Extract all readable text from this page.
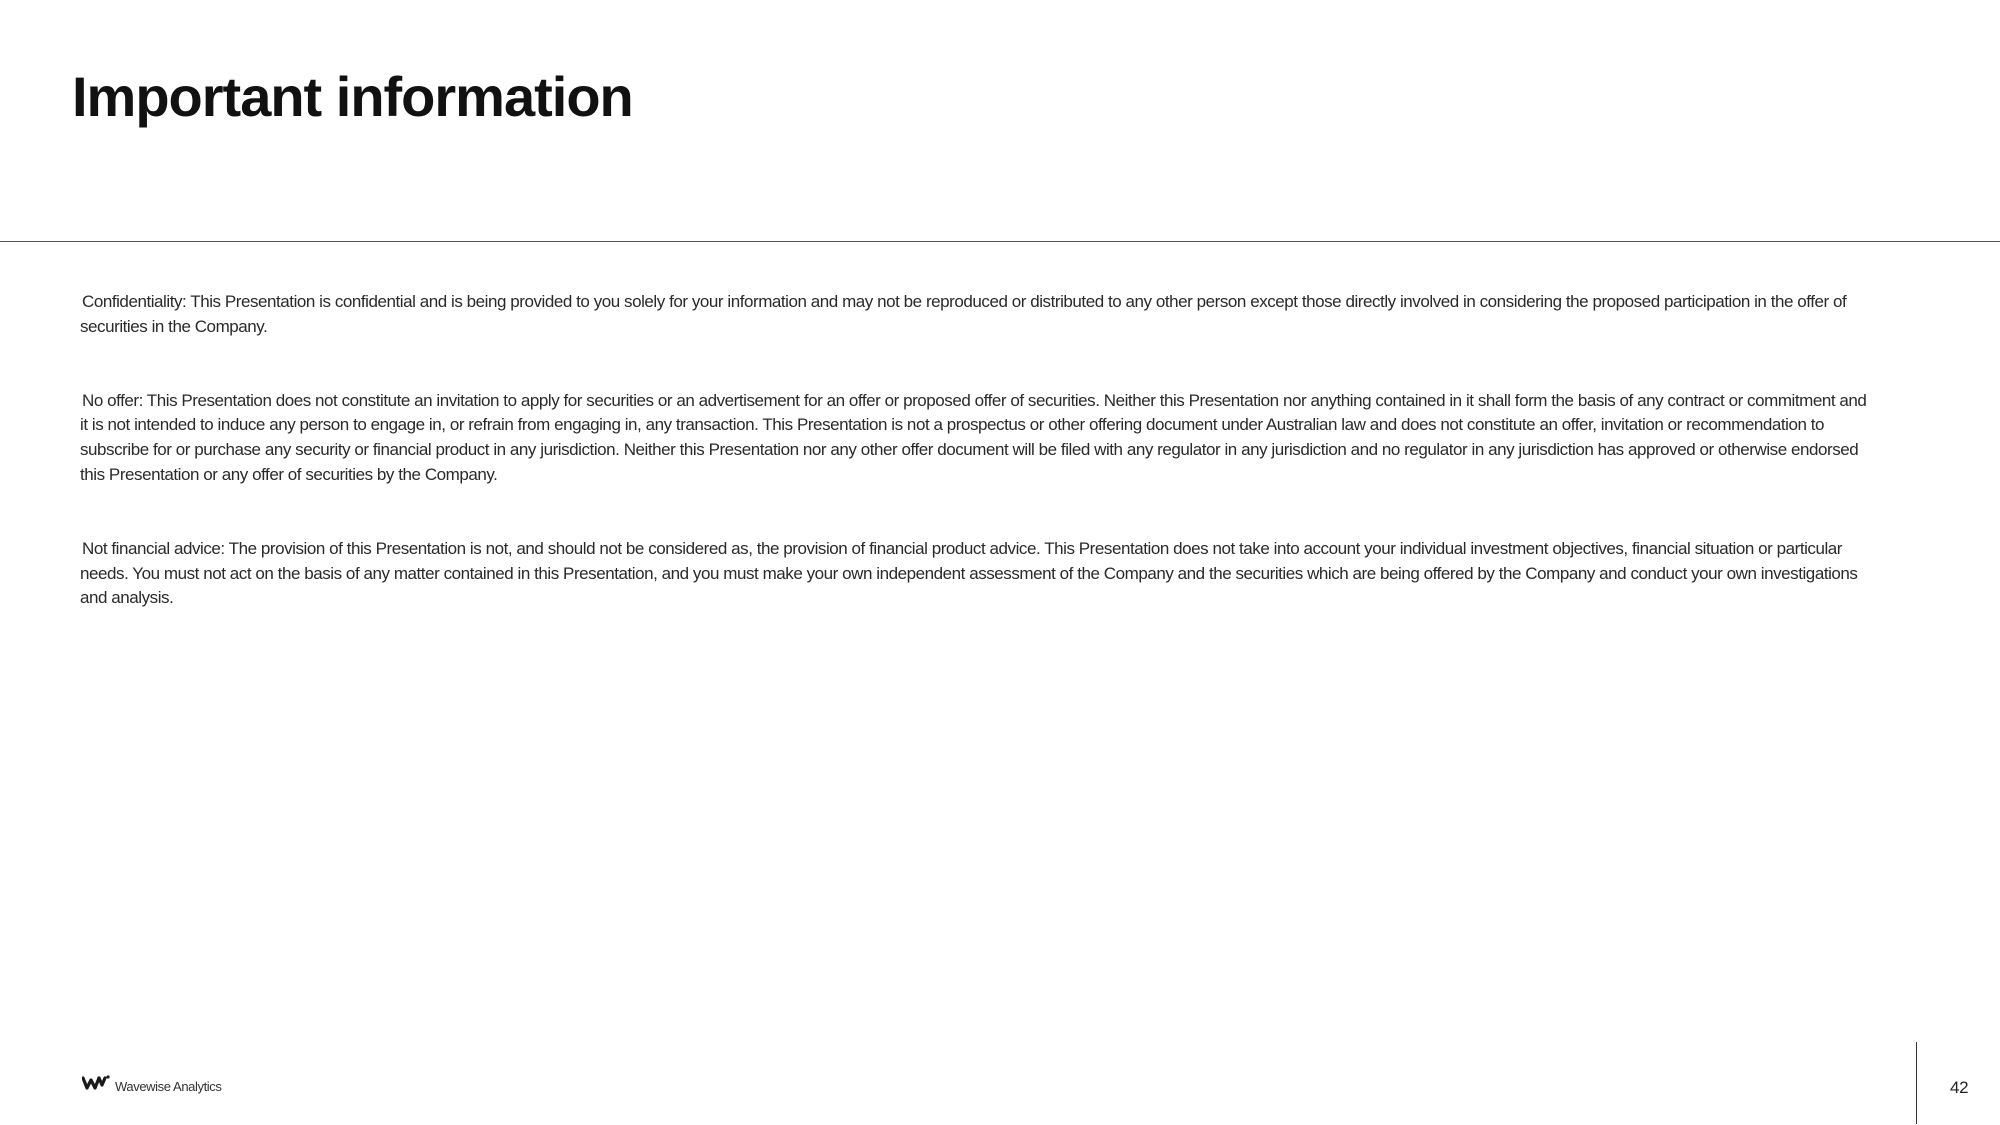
Important information

Confidentiality: This Presentation is confidential and is being provided to you solely for your information and may not be reproduced or distributed to any other person except those directly involved in considering the proposed participation in the offer of securities in the Company.

No offer: This Presentation does not constitute an invitation to apply for securities or an advertisement for an offer or proposed offer of securities. Neither this Presentation nor anything contained in it shall form the basis of any contract or commitment and it is not intended to induce any person to engage in, or refrain from engaging in, any transaction. This Presentation is not a prospectus or other offering document under Australian law and does not constitute an offer, invitation or recommendation to subscribe for or purchase any security or financial product in any jurisdiction. Neither this Presentation nor any other offer document will be filed with any regulator in any jurisdiction and no regulator in any jurisdiction has approved or otherwise endorsed this Presentation or any offer of securities by the Company.

Not financial advice: The provision of this Presentation is not, and should not be considered as, the provision of financial product advice. This Presentation does not take into account your individual investment objectives, financial situation or particular needs. You must not act on the basis of any matter contained in this Presentation, and you must make your own independent assessment of the Company and the securities which are being offered by the Company and conduct your own investigations and analysis.

Wavewise Analytics	42
